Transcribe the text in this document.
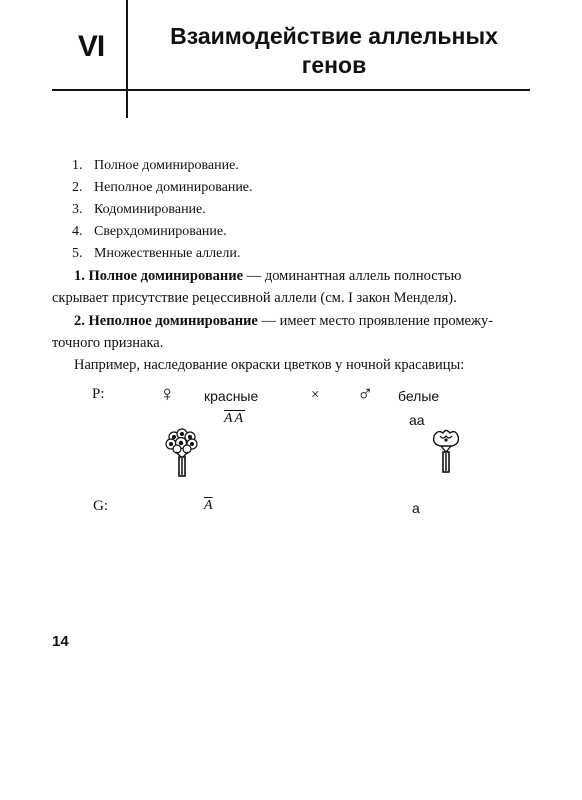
VI	Взаимодействие аллельных
генов
1. Полное доминирование.
2. Неполное доминирование.
3. Кодоминирование.
4. Сверхдоминирование.
5. Множественные аллели.
1. Полное доминирование — доминантная аллель полностью
скрывает присутствие рецессивной аллели (см. I закон Менделя).
2. Неполное доминирование — имеет место проявление промежу-
точного признака.
Например, наследование окраски цветков у ночной красавицы:
P: ♀ красные	× ♂ белые
$\overline{AA}$	аа
G:	$\overline{A}$	а
14
